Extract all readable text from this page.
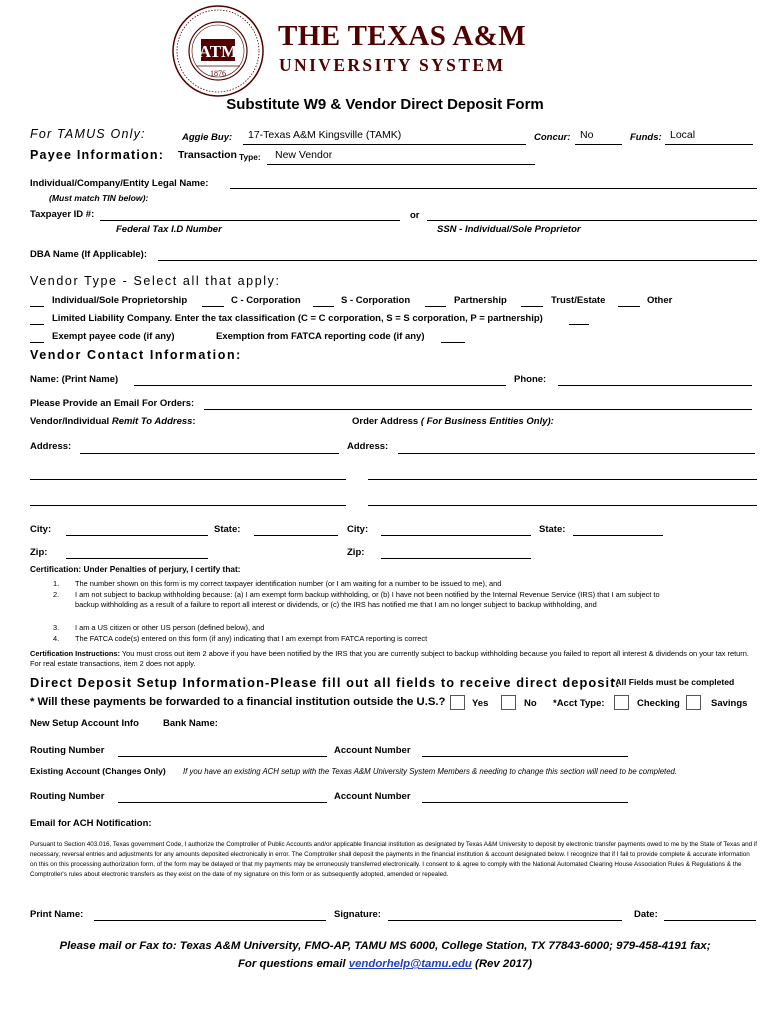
ATM
1876
THE TEXAS A&M
UNIVERSITY SYSTEM
Substitute W9 & Vendor Direct Deposit Form
For TAMUS Only:
Payee Information:
Aggie Buy: 17-Texas A&M Kingsville (TAMK)	Concur: No	Funds: Local
Transaction Type: New Vendor
Individual/Company/Entity Legal Name:
(Must match TIN below):
Taxpayer ID #:	or
Federal Tax I.D Number	SSN - Individual/Sole Proprietor
DBA Name (If Applicable):
Vendor Type - Select all that apply:
Individual/Sole Proprietorship	C - Corporation	S - Corporation	Partnership	Trust/Estate	Other
Limited Liability Company. Enter the tax classification (C = C corporation, S = S corporation, P = partnership)
Exempt payee code (if any)	Exemption from FATCA reporting code (if any)
Vendor Contact Information:
Name: (Print Name)	Phone:
Please Provide an Email For Orders:
Vendor/Individual Remit To Address:	Order Address ( For Business Entities Only):
Address:	Address:
City:	State:	City:	State:
Zip:	Zip:
Certification: Under Penalties of perjury, I certify that:
1. The number shown on this form is my correct taxpayer identification number (or I am waiting for a number to be issued to me), and
2. I am not subject to backup withholding because: (a) I am exempt form backup withholding, or (b) I have not been notified by the Internal Revenue Service (IRS) that I am subject to backup withholding as a result of a failure to report all interest or dividends, or (c) the IRS has notified me that I am no longer subject to backup withholding, and
3. I am a US citizen or other US person (defined below), and
4. The FATCA code(s) entered on this form (if any) indicating that I am exempt from FATCA reporting is correct
Certification Instructions: You must cross out item 2 above if you have been notified by the IRS that you are currently subject to backup withholding because you failed to report all interest & dividends on your tax return. For real estate transactions, item 2 does not apply.
Direct Deposit Setup Information-Please fill out all fields to receive direct deposit.
*All Fields must be completed
* Will these payments be forwarded to a financial institution outside the U.S.?	Yes	No *Acct Type:	Checking	Savings
New Setup Account Info	Bank Name:
Routing Number	Account Number
Existing Account (Changes Only) If you have an existing ACH setup with the Texas A&M University System Members & needing to change this section will need to be completed.
Routing Number	Account Number
Email for ACH Notification:
Pursuant to Section 403.016, Texas government Code, I authorize the Comptroller of Public Accounts and/or applicable financial institution as designated by Texas A&M University to deposit by electronic transfer payments owed to me by the State of Texas and if necessary, reversal entries and adjustments for any amounts deposited electronically in error. The Comptroller shall deposit the payments in the financial institution & account designated below. I recognize that if I fail to provide complete & accurate information on this on this processing authorization form, of the form may be delayed or that my payments may be erroneously transferred electronically. I consent to & agree to comply with the National Automated Clearing House Association Rules & Regulations & the Comptroller's rules about electronic transfers as they exist on the date of my signature on this form or as subsequently adopted, amended or repealed.
Print Name:	Signature:	Date:
Please mail or Fax to: Texas A&M University, FMO-AP, TAMU MS 6000, College Station, TX 77843-6000; 979-458-4191 fax;
For questions email vendorhelp@tamu.edu (Rev 2017)
